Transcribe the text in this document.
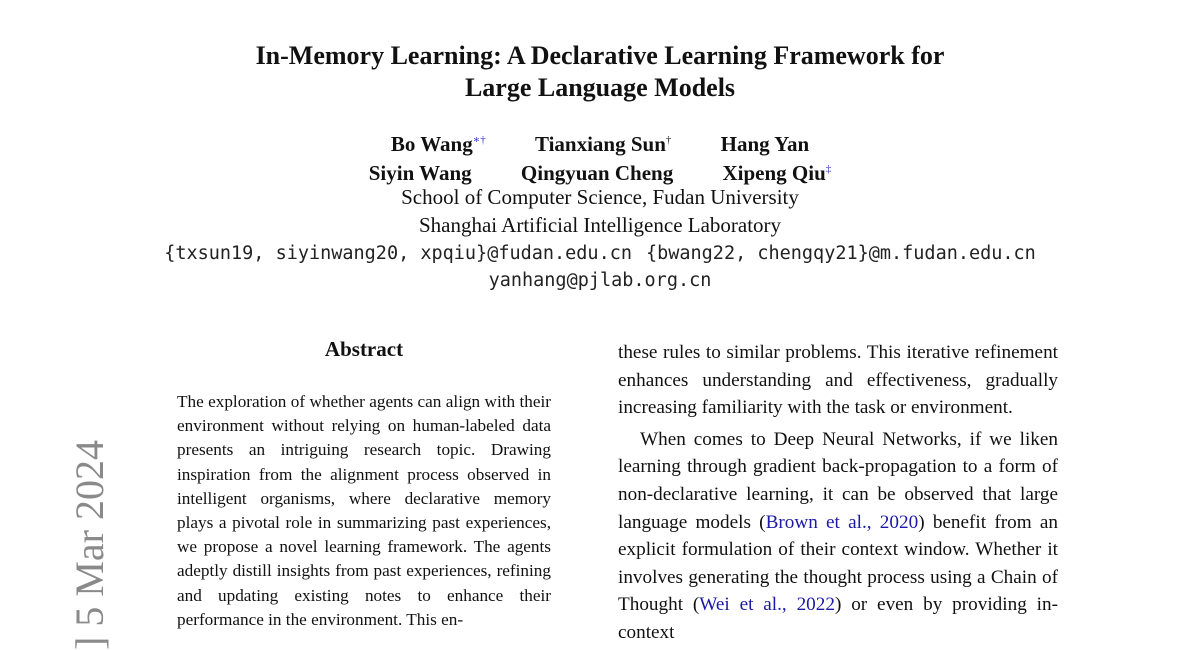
In-Memory Learning: A Declarative Learning Framework for
Large Language Models
Bo Wang∗† Tianxiang Sun† Hang Yan
Siyin Wang Qingyuan Cheng Xipeng Qiu‡
School of Computer Science, Fudan University
Shanghai Artificial Intelligence Laboratory
{txsun19, siyinwang20, xpqiu}@fudan.edu.cn {bwang22, chengqy21}@m.fudan.edu.cn
yanhang@pjlab.org.cn
Abstract
The exploration of whether agents can align with their environment without relying on human-labeled data presents an intriguing research topic. Drawing inspiration from the alignment process observed in intelligent organisms, where declarative memory plays a pivotal role in summarizing past experiences, we propose a novel learning framework. The agents adeptly distill insights from past experiences, refining and updating existing notes to enhance their performance in the environment. This en-

these rules to similar problems. This iterative refinement enhances understanding and effectiveness, gradually increasing familiarity with the task or environment.

When comes to Deep Neural Networks, if we liken learning through gradient back-propagation to a form of non-declarative learning, it can be observed that large language models (Brown et al., 2020) benefit from an explicit formulation of their context window. Whether it involves generating the thought process using a Chain of Thought (Wei et al., 2022) or even by providing in-context

] 5 Mar 2024
